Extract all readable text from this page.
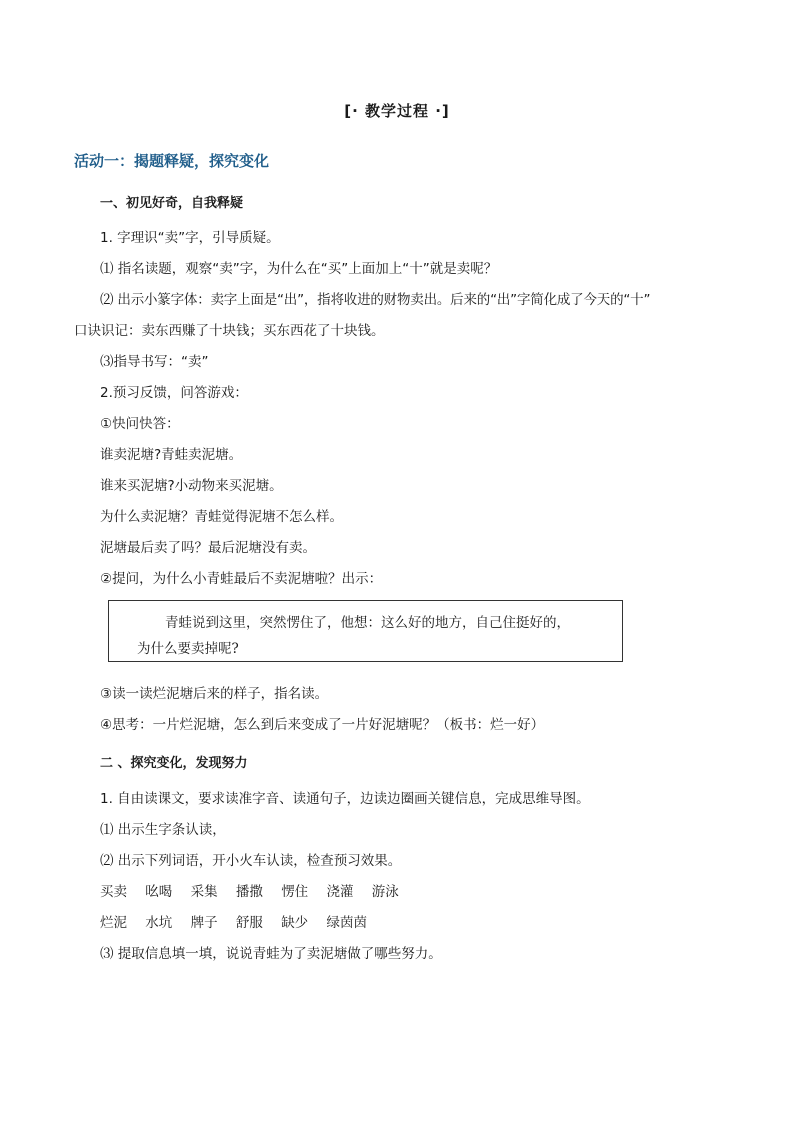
[· 教学过程 ·]
活动一：揭题释疑，探究变化
一、初见好奇，自我释疑
1. 字理识“卖”字，引导质疑。
⑴ 指名读题，观察“卖”字，为什么在“买”上面加上“十”就是卖呢？
⑵ 出示小篆字体：卖字上面是“出”，指将收进的财物卖出。后来的“出”字简化成了今天的“十”
口诀识记：卖东西赚了十块钱；买东西花了十块钱。
⑶指导书写：“卖”
2.预习反馈，问答游戏：
①快问快答：
谁卖泥塘?青蛙卖泥塘。
谁来买泥塘?小动物来买泥塘。
为什么卖泥塘？青蛙觉得泥塘不怎么样。
泥塘最后卖了吗？最后泥塘没有卖。
②提问，为什么小青蛙最后不卖泥塘啦？出示：
青蛙说到这里，突然愣住了，他想：这么好的地方，自己住挺好的，
为什么要卖掉呢?
③读一读烂泥塘后来的样子，指名读。
④思考：一片烂泥塘，怎么到后来变成了一片好泥塘呢？（板书：烂一好）
二 、探究变化，发现努力
1. 自由读课文，要求读准字音、读通句子，边读边圈画关键信息，完成思维导图。
⑴ 出示生字条认读，
⑵ 出示下列词语，开小火车认读，检查预习效果。
买卖 吆喝 采集 播撒 愣住 浇灌 游泳
烂泥 水坑 牌子 舒服 缺少 绿茵茵
⑶ 提取信息填一填，说说青蛙为了卖泥塘做了哪些努力。
